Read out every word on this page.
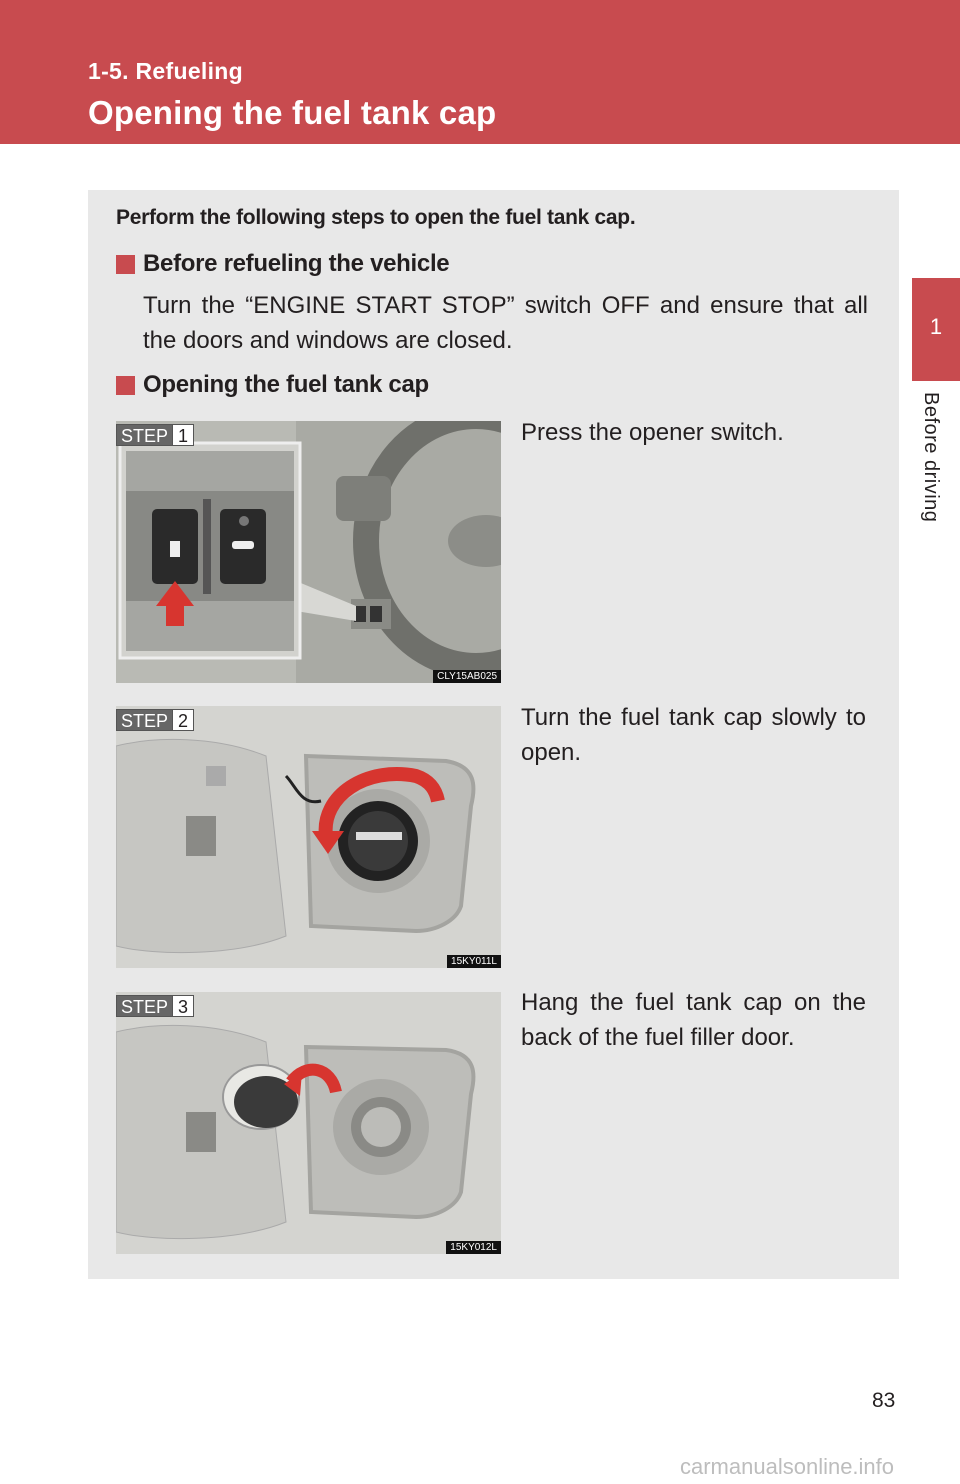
1-5. Refueling
Opening the fuel tank cap
1
Before driving
Perform the following steps to open the fuel tank cap.
Before refueling the vehicle
Turn the “ENGINE START STOP” switch OFF and ensure that all the doors and windows are closed.
Opening the fuel tank cap
STEP 1
CLY15AB025
Press the opener switch.
STEP 2
15KY011L
Turn the fuel tank cap slowly to open.
STEP 3
15KY012L
Hang the fuel tank cap on the back of the fuel filler door.
83
carmanualsonline.info
